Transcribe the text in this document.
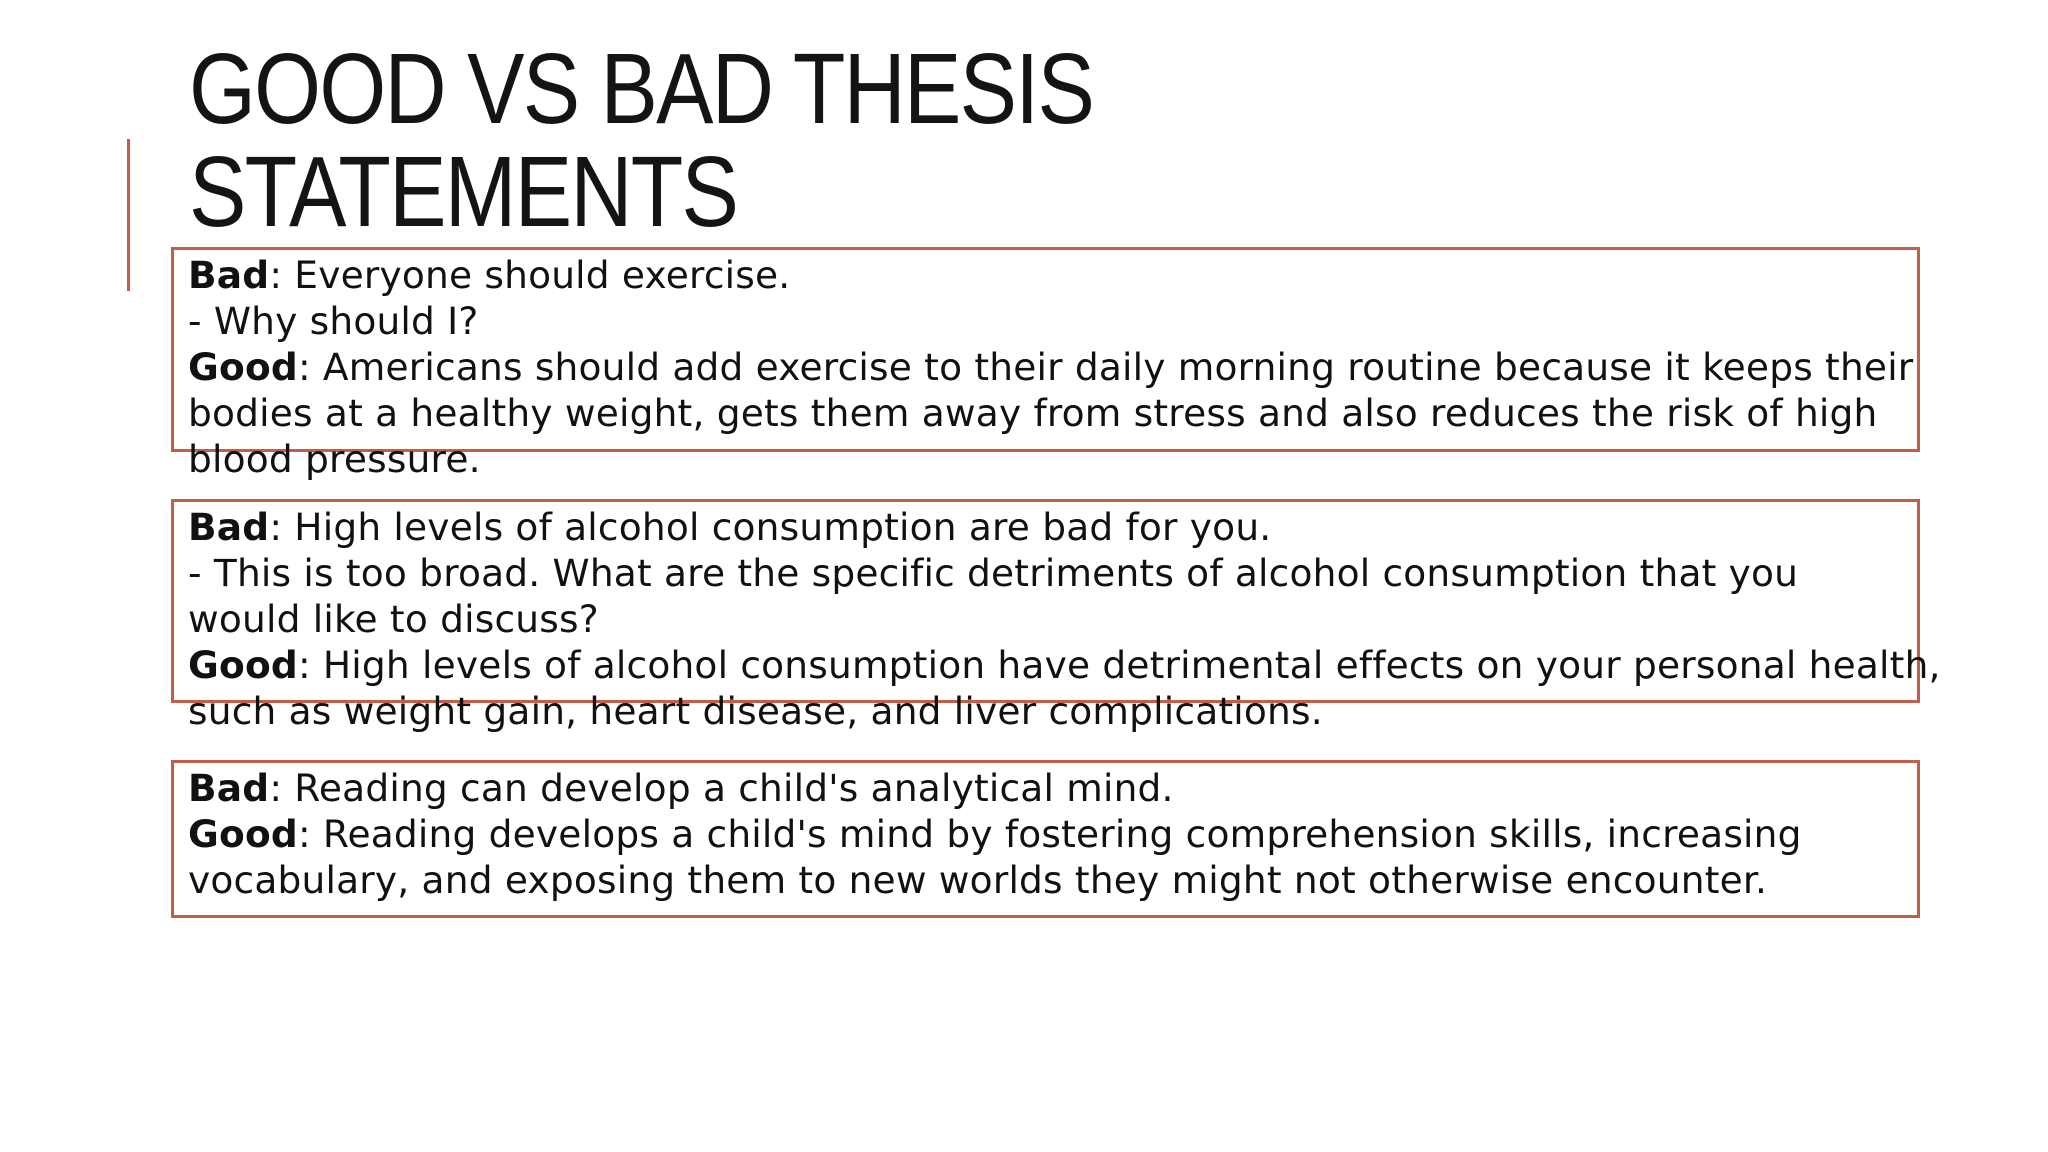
GOOD VS BAD THESIS
STATEMENTS
Bad: Everyone should exercise.
- Why should I?
Good: Americans should add exercise to their daily morning routine because it keeps their
bodies at a healthy weight, gets them away from stress and also reduces the risk of high
blood pressure.
Bad: High levels of alcohol consumption are bad for you.
- This is too broad. What are the specific detriments of alcohol consumption that you
would like to discuss?
Good: High levels of alcohol consumption have detrimental effects on your personal health,
such as weight gain, heart disease, and liver complications.
Bad: Reading can develop a child's analytical mind.
Good: Reading develops a child's mind by fostering comprehension skills, increasing
vocabulary, and exposing them to new worlds they might not otherwise encounter.
